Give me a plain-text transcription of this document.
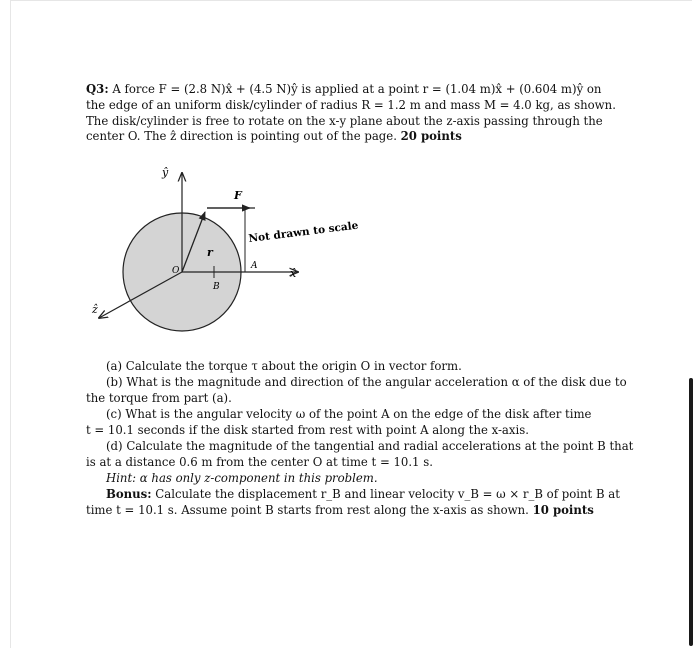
Q3: A force F = (2.8 N)x̂ + (4.5 N)ŷ is applied at a point r = (1.04 m)x̂ + (0.604 m)ŷ on
the edge of an uniform disk/cylinder of radius R = 1.2 m and mass M = 4.0 kg, as shown.
The disk/cylinder is free to rotate on the x-y plane about the z-axis passing through the
center O. The ẑ direction is pointing out of the page. 20 points
ŷ
x̂
ẑ
F
r
O	A
B
Not drawn to scale
(a) Calculate the torque τ about the origin O in vector form.
(b) What is the magnitude and direction of the angular acceleration α of the disk due to
the torque from part (a).
(c) What is the angular velocity ω of the point A on the edge of the disk after time
t = 10.1 seconds if the disk started from rest with point A along the x-axis.
(d) Calculate the magnitude of the tangential and radial accelerations at the point B that
is at a distance 0.6 m from the center O at time t = 10.1 s.
Hint: α has only z-component in this problem.
Bonus: Calculate the displacement r_B and linear velocity v_B = ω × r_B of point B at
time t = 10.1 s. Assume point B starts from rest along the x-axis as shown. 10 points
